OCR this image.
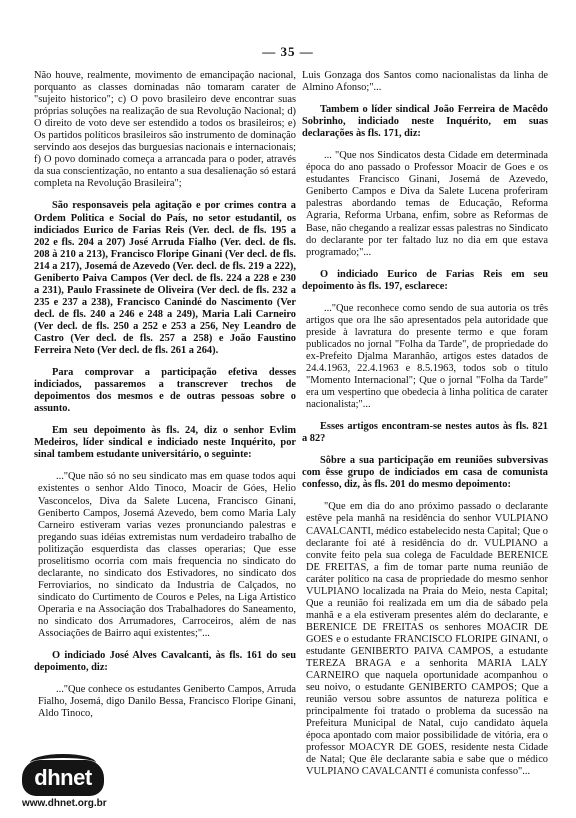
— 35 —

Não houve, realmente, movimento de emancipação nacional, porquanto as classes dominadas não tomaram carater de "sujeito historico"; c) O povo brasileiro deve encontrar suas próprias soluções na realização de sua Revolução Nacional; d) O direito de voto deve ser estendido a todos os brasileiros; e) Os partidos políticos brasileiros são instrumento de dominação servindo aos desejos das burguesias nacionais e internacionais; f) O povo dominado começa a arrancada para o poder, através da sua conscientização, no entanto a sua desalienação só estará completa na Revolução Brasileira";

São responsaveis pela agitação e por crimes contra a Ordem Politica e Social do País, no setor estudantil, os indiciados Eurico de Farias Reis (Ver. decl. de fls. 195 a 202 e fls. 204 a 207) José Arruda Fialho (Ver. decl. de fls. 208 à 210 a 213), Francisco Floripe Ginani (Ver decl. de fls. 214 a 217), Josemá de Azevedo (Ver. decl. de fls. 219 a 222), Geniberto Paiva Campos (Ver decl. de fls. 224 a 228 e 230 a 231), Paulo Frassinete de Oliveira (Ver decl. de fls. 232 a 235 e 237 a 238), Francisco Canindé do Nascimento (Ver decl. de fls. 240 a 246 e 248 a 249), Maria Lali Carneiro (Ver decl. de fls. 250 a 252 e 253 a 256, Ney Leandro de Castro (Ver decl. de fls. 257 a 258) e João Faustino Ferreira Neto (Ver decl. de fls. 261 a 264).

Para comprovar a participação efetiva desses indiciados, passaremos a transcrever trechos de depoimentos dos mesmos e de outras pessoas sobre o assunto.

Em seu depoimento às fls. 24, diz o senhor Evlim Medeiros, líder sindical e indiciado neste Inquérito, por sinal tambem estudante universitário, o seguinte:

..."Que não só no seu sindicato mas em quase todos aqui existentes o senhor Aldo Tinoco, Moacir de Góes, Helio Vasconcelos, Diva da Salete Lucena, Francisco Ginani, Geniberto Campos, Josemá Azevedo, bem como Maria Laly Carneiro estiveram varias vezes pronunciando palestras e pregando suas idéias extremistas num verdadeiro trabalho de politização esquerdista das classes operarias; Que esse proselitismo ocorria com mais frequencia no sindicato do declarante, no sindicato dos Estivadores, no sindicato dos Ferroviarios, no sindicato da Industria de Calçados, no sindicato do Curtimento de Couros e Peles, na Liga Artistico Operaria e na Associação dos Trabalhadores do Saneamento, no sindicato dos Arrumadores, Carroceiros, além de nas Associações de Bairro aqui existentes;"...

O indiciado José Alves Cavalcanti, às fls. 161 do seu depoimento, diz:

..."Que conhece os estudantes Geniberto Campos, Arruda Fialho, Josemá, digo Danilo Bessa, Francisco Floripe Ginani, Aldo Tinoco,

Luis Gonzaga dos Santos como nacionalistas da linha de Almino Afonso;"...

Tambem o líder sindical João Ferreira de Macêdo Sobrinho, indiciado neste Inquérito, em suas declarações às fls. 171, diz:

... "Que nos Sindicatos desta Cidade em determinada época do ano passado o Professor Moacir de Goes e os estudantes Francisco Ginani, Josemá de Azevedo, Geniberto Campos e Diva da Salete Lucena proferiram palestras abordando temas de Educação, Reforma Agraria, Reforma Urbana, enfim, sobre as Reformas de Base, não chegando a realizar essas palestras no Sindicato do declarante por ter faltado luz no dia em que estava programado;"...

O indiciado Eurico de Farias Reis em seu depoimento às fls. 197, esclarece:

..."Que reconhece como sendo de sua autoria os três artigos que ora lhe são apresentados pela autoridade que preside à lavratura do presente termo e que foram publicados no jornal "Folha da Tarde", de propriedade do ex-Prefeito Djalma Maranhão, artigos estes datados de 24.4.1963, 22.4.1963 e 8.5.1963, todos sob o título "Momento Internacional"; Que o jornal "Folha da Tarde" era um vespertino que obedecia à linha politica de carater nacionalista;"...

Esses artigos encontram-se nestes autos às fls. 821 a 82?

Sôbre a sua participação em reuniões subversivas com êsse grupo de indiciados em casa de comunista confesso, diz, às fls. 201 do mesmo depoimento:

"Que em dia do ano próximo passado o declarante estêve pela manhã na residência do senhor VULPIANO CAVALCANTI, médico estabelecido nesta Capital; Que o declarante foi até à residência do dr. VULPIANO a convite feito pela sua colega de Faculdade BERENICE DE FREITAS, a fim de tomar parte numa reunião de caráter político na casa de propriedade do mesmo senhor VULPIANO localizada na Praia do Meio, nesta Capital; Que a reunião foi realizada em um dia de sábado pela manhã e a ela estiveram presentes além do declarante, e BERENICE DE FREITAS os senhores MOACIR DE GOES e o estudante FRANCISCO FLORIPE GINANI, o estudante GENIBERTO PAIVA CAMPOS, a estudante TEREZA BRAGA e a senhorita MARIA LALY CARNEIRO que naquela oportunidade acompanhou o seu noivo, o estudante GENIBERTO CAMPOS; Que a reunião versou sobre assuntos de natureza política e principalmente foi tratado o problema da sucessão na Prefeitura Municipal de Natal, cujo candidato àquela época apontado com maior possibilidade de vitória, era o professor MOACYR DE GOES, residente nesta Cidade de Natal; Que êle declarante sabia e sabe que o médico VULPIANO CAVALCANTI é comunista confesso"...

dhnet
www.dhnet.org.br
